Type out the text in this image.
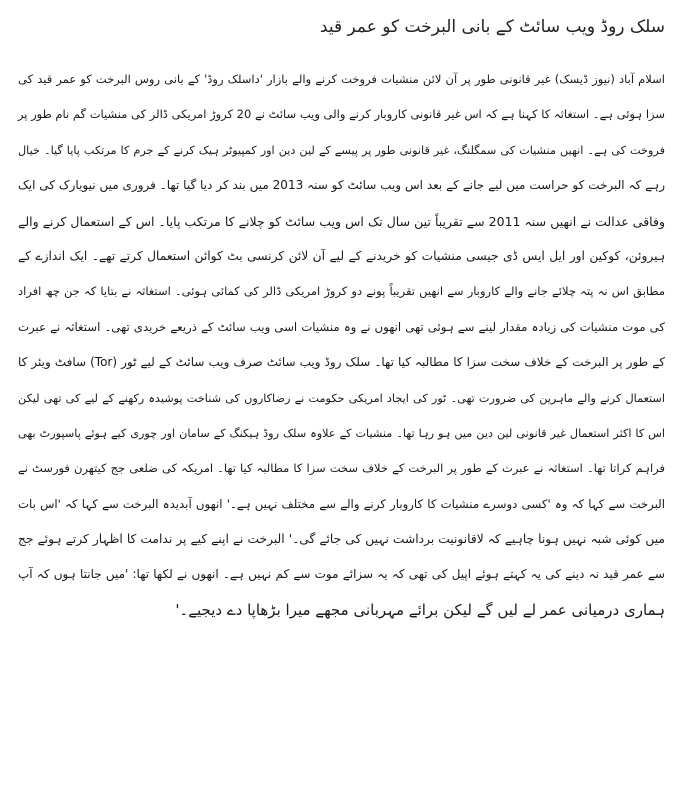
سلک روڈ ویب سائٹ کے بانی البرخت کو عمر قید
اسلام آباد (نیوز ڈیسک) غیر قانونی طور پر آن لائن منشیات فروخت کرنے والے بازار 'داسلک روڈ' کے بانی روس البرخت کو عمر قید کی
سزا ہوئی ہے۔ استغاثہ کا کہنا ہے کہ اس غیر قانونی کاروبار کرنے والی ویب سائٹ نے 20 کروڑ امریکی ڈالر کی منشیات گم نام طور پر
فروخت کی ہے۔ انھیں منشیات کی سمگلنگ، غیر قانونی طور پر پیسے کے لین دین اور کمپیوٹر ہیک کرنے کے جرم کا مرتکب پایا گیا۔ خیال
رہے کہ البرخت کو حراست میں لیے جانے کے بعد اس ویب سائٹ کو سنہ 2013 میں بند کر دیا گیا تھا۔ فروری میں نیویارک کی ایک
وفاقی عدالت نے انھیں سنہ 2011 سے تقریباً تین سال تک اس ویب سائٹ کو چلانے کا مرتکب پایا۔ اس کے استعمال کرنے والے
ہیروئن، کوکین اور ایل ایس ڈی جیسی منشیات کو خریدنے کے لیے آن لائن کرنسی بٹ کوائن استعمال کرتے تھے۔ ایک اندازے کے
مطابق اس نہ پتہ چلائے جانے والے کاروبار سے انھیں تقریباً پونے دو کروڑ امریکی ڈالر کی کمائی ہوئی۔ استغاثہ نے بتایا کہ جن چھ افراد
کی موت منشیات کی زیادہ مقدار لینے سے ہوئی تھی انھوں نے وہ منشیات اسی ویب سائٹ کے ذریعے خریدی تھی۔ استغاثہ نے عبرت
کے طور پر البرخت کے خلاف سخت سزا کا مطالبہ کیا تھا۔ سلک روڈ ویب سائٹ صرف ویب سائٹ کے لیے ٹور (Tor) سافٹ ویئر کا
استعمال کرنے والے ماہرین کی ضرورت تھی۔ ٹور کی ایجاد امریکی حکومت نے رضاکاروں کی شناخت پوشیدہ رکھنے کے لیے کی تھی لیکن
اس کا اکثر استعمال غیر قانونی لین دین میں ہو رہا تھا۔ منشیات کے علاوہ سلک روڈ ہیکنگ کے سامان اور چوری کیے ہوئے پاسپورٹ بھی
فراہم کراتا تھا۔ استغاثہ نے عبرت کے طور پر البرخت کے خلاف سخت سزا کا مطالبہ کیا تھا۔ امریکہ کی ضلعی جج کیتھرن فورسٹ نے
البرخت سے کہا کہ وہ 'کسی دوسرے منشیات کا کاروبار کرنے والے سے مختلف نہیں ہے۔' انھوں آبدیدہ البرخت سے کہا کہ 'اس بات
میں کوئی شبہ نہیں ہونا چاہیے کہ لاقانونیت برداشت نہیں کی جائے گی۔' البرخت نے اپنے کیے پر ندامت کا اظہار کرتے ہوئے جج
سے عمر قید نہ دینے کی یہ کہتے ہوئے اپیل کی تھی کہ یہ سزائے موت سے کم نہیں ہے۔ انھوں نے لکھا تھا: 'میں جانتا ہوں کہ آپ
ہماری درمیانی عمر لے لیں گے لیکن برائے مہربانی مجھے میرا بڑھاپا دے دیجیے۔'
